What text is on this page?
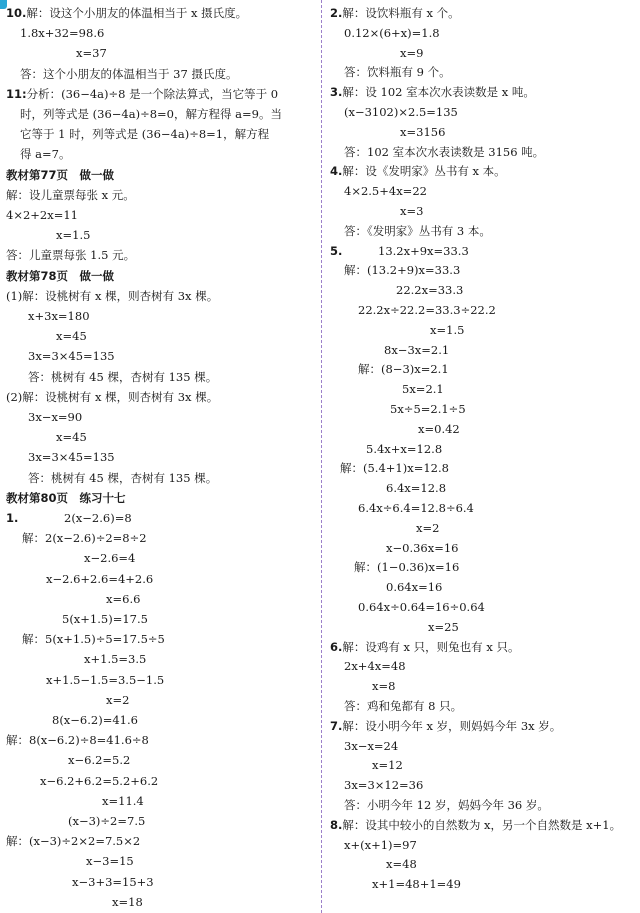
10.解：设这个小朋友的体温相当于 x 摄氏度。
1.8x+32=98.6
x=37
答：这个小朋友的体温相当于 37 摄氏度。
11:分析：(36−4a)÷8 是一个除法算式，当它等于 0
时，列等式是 (36−4a)÷8=0，解方程得 a=9。当
它等于 1 时，列等式是 (36−4a)÷8=1，解方程
得 a=7。
教材第77页　做一做
解：设儿童票每张 x 元。
4×2+2x=11
x=1.5
答：儿童票每张 1.5 元。
教材第78页　做一做
(1)解：设桃树有 x 棵，则杏树有 3x 棵。
x+3x=180
x=45
3x=3×45=135
答：桃树有 45 棵，杏树有 135 棵。
(2)解：设桃树有 x 棵，则杏树有 3x 棵。
3x−x=90
x=45
3x=3×45=135
答：桃树有 45 棵，杏树有 135 棵。
教材第80页　练习十七
1.	2(x−2.6)=8
解：2(x−2.6)÷2=8÷2
x−2.6=4
x−2.6+2.6=4+2.6
x=6.6
5(x+1.5)=17.5
解：5(x+1.5)÷5=17.5÷5
x+1.5=3.5
x+1.5−1.5=3.5−1.5
x=2
8(x−6.2)=41.6
解：8(x−6.2)÷8=41.6÷8
x−6.2=5.2
x−6.2+6.2=5.2+6.2
x=11.4
(x−3)÷2=7.5
解：(x−3)÷2×2=7.5×2
x−3=15
x−3+3=15+3
x=18
2.解：设饮料瓶有 x 个。
0.12×(6+x)=1.8
x=9
答：饮料瓶有 9 个。
3.解：设 102 室本次水表读数是 x 吨。
(x−3102)×2.5=135
x=3156
答：102 室本次水表读数是 3156 吨。
4.解：设《发明家》丛书有 x 本。
4×2.5+4x=22
x=3
答：《发明家》丛书有 3 本。
5.	13.2x+9x=33.3
解：(13.2+9)x=33.3
22.2x=33.3
22.2x÷22.2=33.3÷22.2
x=1.5
8x−3x=2.1
解：(8−3)x=2.1
5x=2.1
5x÷5=2.1÷5
x=0.42
5.4x+x=12.8
解：(5.4+1)x=12.8
6.4x=12.8
6.4x÷6.4=12.8÷6.4
x=2
x−0.36x=16
解：(1−0.36)x=16
0.64x=16
0.64x÷0.64=16÷0.64
x=25
6.解：设鸡有 x 只，则兔也有 x 只。
2x+4x=48
x=8
答：鸡和兔都有 8 只。
7.解：设小明今年 x 岁，则妈妈今年 3x 岁。
3x−x=24
x=12
3x=3×12=36
答：小明今年 12 岁，妈妈今年 36 岁。
8.解：设其中较小的自然数为 x，另一个自然数是 x+1。
x+(x+1)=97
x=48
x+1=48+1=49
